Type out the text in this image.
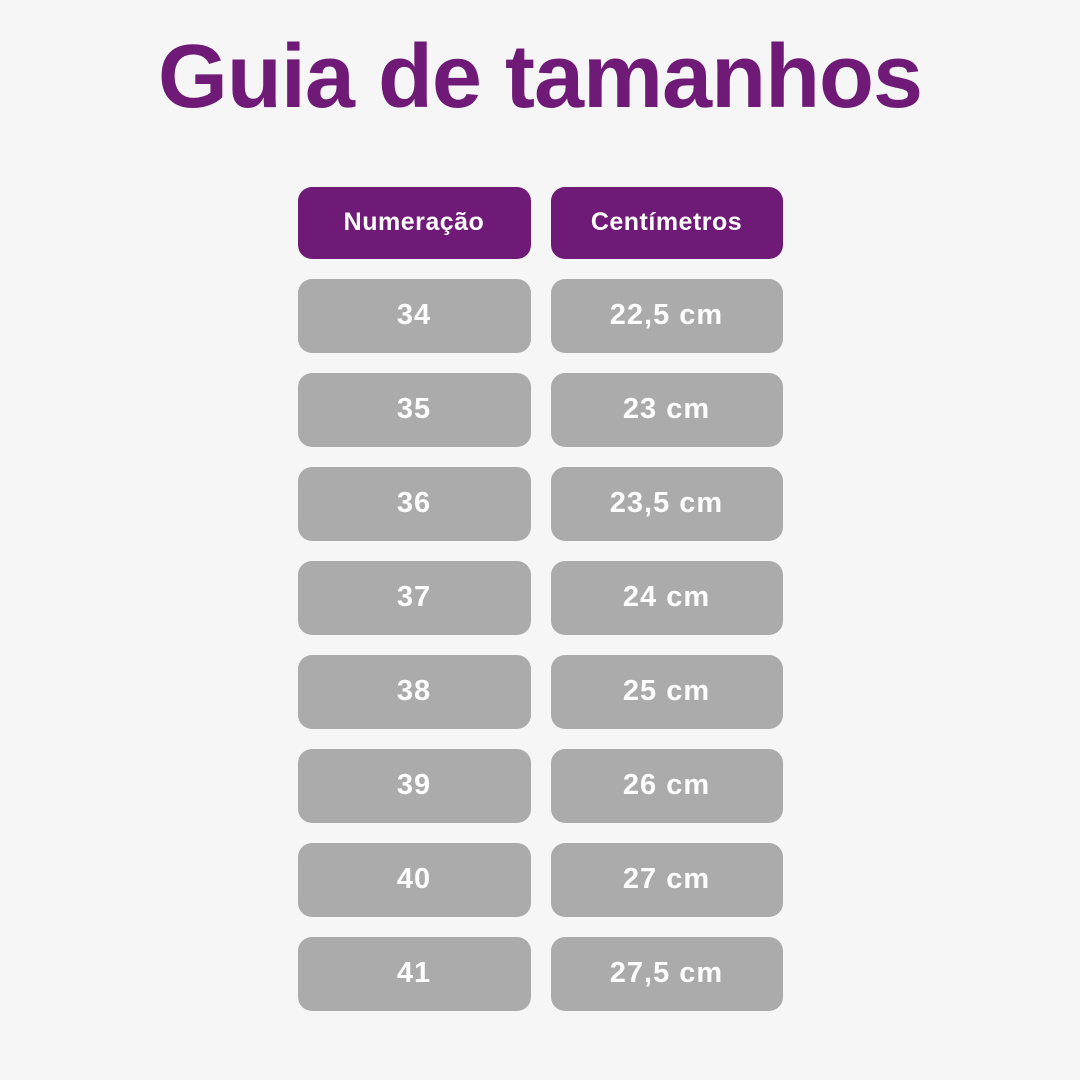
Guia de tamanhos
Numeração	Centímetros
34	22,5 cm
35	23 cm
36	23,5 cm
37	24 cm
38	25 cm
39	26 cm
40	27 cm
41	27,5 cm
